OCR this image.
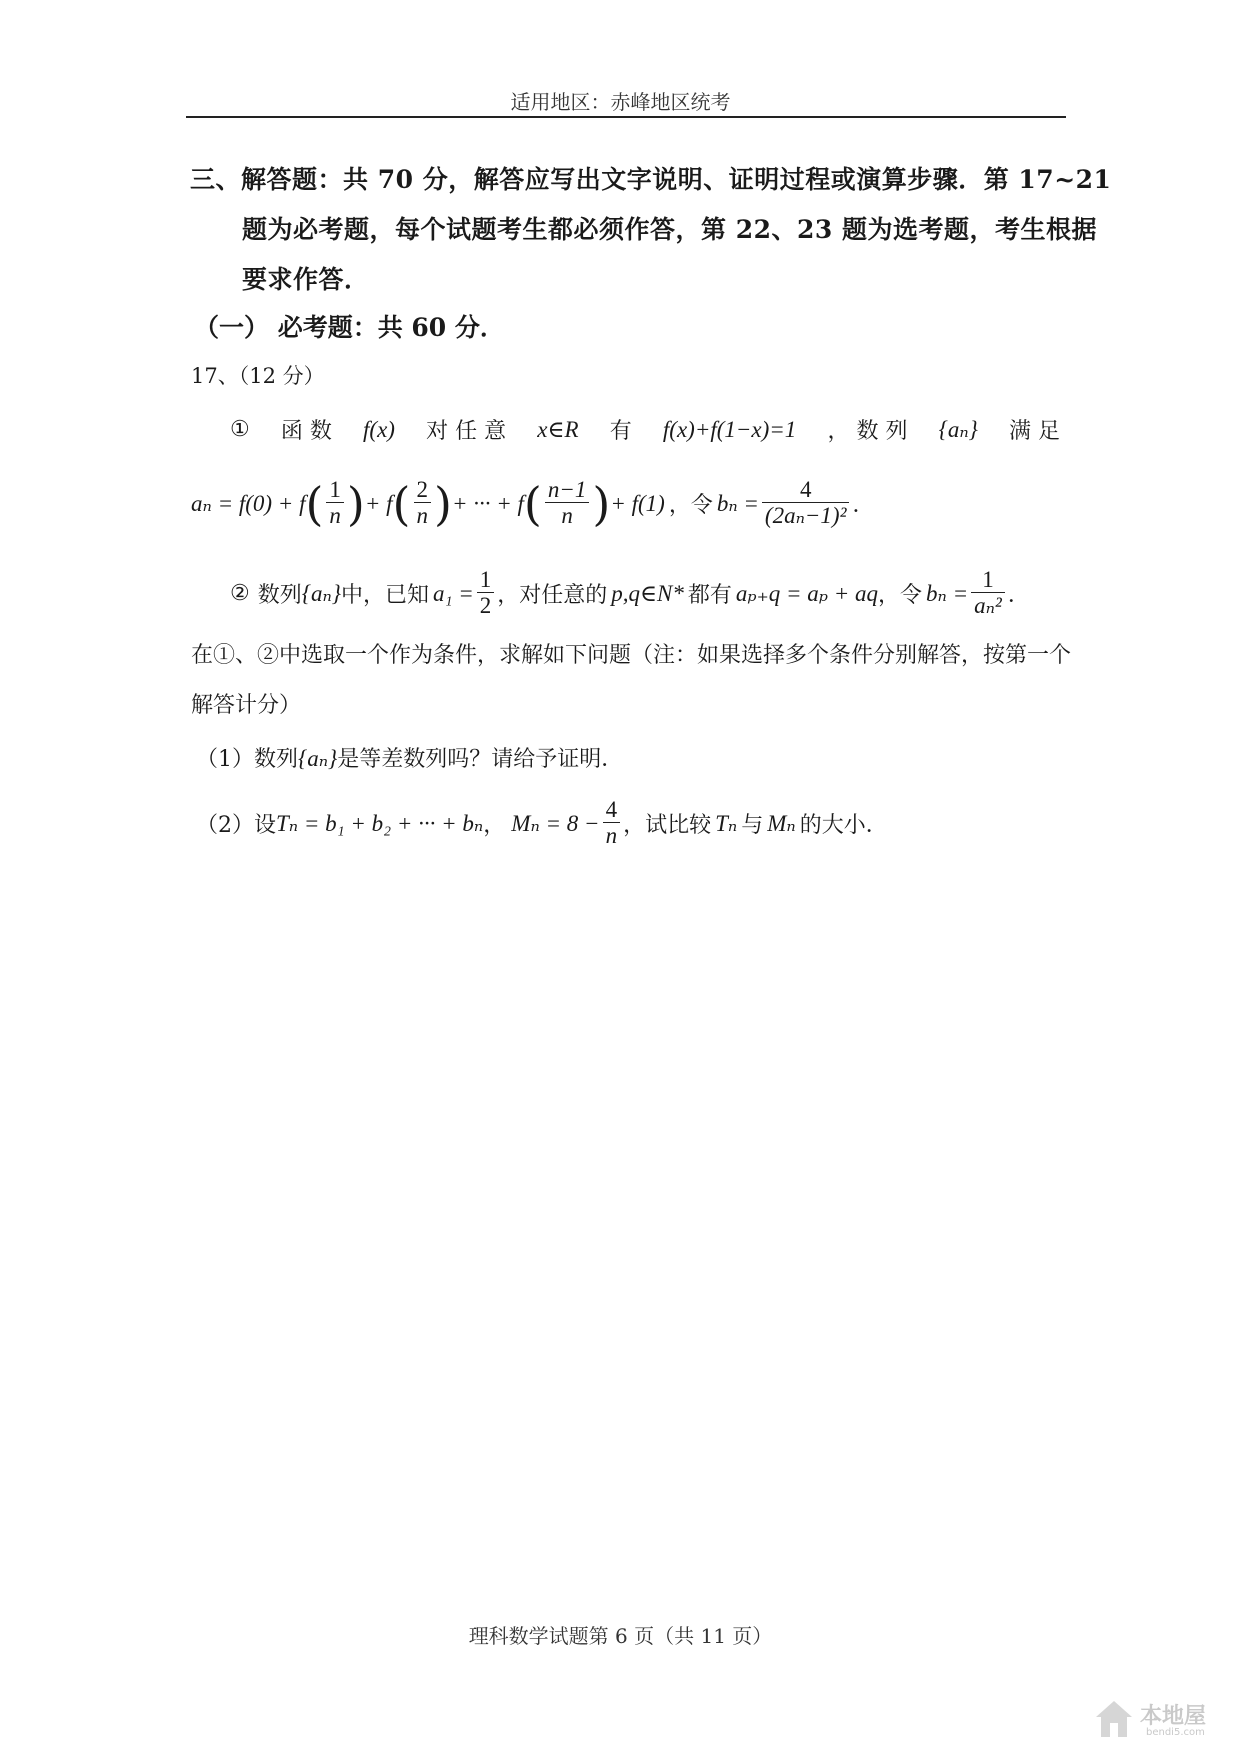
适用地区：赤峰地区统考
三、解答题：共 70 分，解答应写出文字说明、证明过程或演算步骤．第 17~21
题为必考题，每个试题考生都必须作答，第 22、23 题为选考题，考生根据
要求作答．
（一） 必考题：共 60 分．
17、（12 分）
① 函 数 f(x) 对 任 意 x∈R 有 f(x)+f(1−x)=1 ， 数 列 {aₙ} 满 足
aₙ = f(0) + f ( $\frac{1}{n}$ ) + f ( $\frac{2}{n}$ ) + ··· + f ( $\frac{n-1}{n}$ ) + f(1) ，令 $b_n = \frac{4}{\text{(2aₙ−1)²}}$ ．
② 数列 {aₙ} 中，已知 $a_1 = \frac{1}{2}$ ，对任意的 p,q∈N* 都有 aₚ₊q = aₚ + aq ，令 $b_n = \frac{1}{\text{aₙ²}}$ ．
在①、②中选取一个作为条件，求解如下问题（注：如果选择多个条件分别解答，按第一个
解答计分）
（1）数列{aₙ}是等差数列吗？请给予证明．
（2）设 Tₙ = b₁ + b₂ + ··· + bₙ ， $M_n = 8 - \frac{4}{n}$ ，试比较 Tₙ 与 Mₙ 的大小．
理科数学试题第 6 页（共 11 页）
本地屋
bendi5.com
